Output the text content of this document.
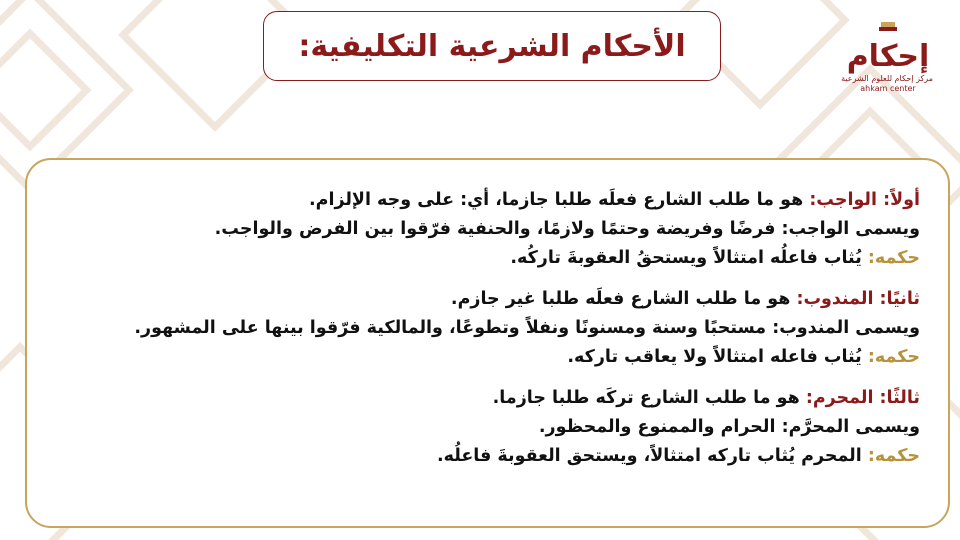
الأحكام الشرعية التكليفية:	إحكام
مركز إحكام للعلوم الشرعية
ahkam center
أولاً: الواجب: هو ما طلب الشارع فعلَه طلبا جازما، أي: على وجه الإلزام.
ويسمى الواجب: فرضًا وفريضة وحتمًا ولازمًا، والحنفية فرّقوا بين الفرض والواجب.
حكمه: يُثاب فاعلُه امتثالاً ويستحقُ العقوبةَ تاركُه.
ثانيًا: المندوب: هو ما طلب الشارع فعلَه طلبا غير جازم.
ويسمى المندوب: مستحبًا وسنة ومسنونًا ونفلاً وتطوعًا، والمالكية فرّقوا بينها على المشهور.
حكمه: يُثاب فاعله امتثالاً ولا يعاقب تاركه.
ثالثًا: المحرم: هو ما طلب الشارع تركَه طلبا جازما.
ويسمى المحرَّم: الحرام والممنوع والمحظور.
حكمه: المحرم يُثاب تاركه امتثالاً، ويستحق العقوبةَ فاعلُه.
